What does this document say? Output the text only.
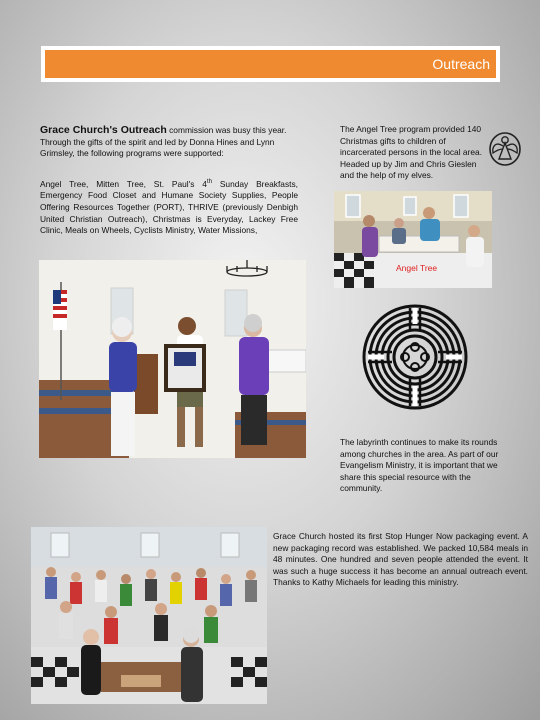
Outreach
Grace Church's Outreach commission was busy this year. Through the gifts of the spirit and led by Donna Hines and Lynn Grimsley, the following programs were supported:
Angel Tree, Mitten Tree, St. Paul's 4th Sunday Breakfasts, Emergency Food Closet and Humane Society Supplies, People Offering Resources Together (PORT), THRIVE (previously Denbigh United Christian Outreach), Christmas is Everyday, Lackey Free Clinic, Meals on Wheels, Cyclists Ministry, Water Missions,
The Angel Tree program provided 140 Christmas gifts to children of incarcerated persons in the local area. Headed up by Jim and Chris Gieslen and the help of my elves.
Angel Tree
The labyrinth continues to make its rounds among churches in the area. As part of our Evangelism Ministry, it is important that we share this special resource with the community.
Grace Church hosted its first Stop Hunger Now packaging event. A new packaging record was established. We packed 10,584 meals in 48 minutes. One hundred and seven people attended the event. It was such a huge success it has become an annual outreach event. Thanks to Kathy Michaels for leading this ministry.
